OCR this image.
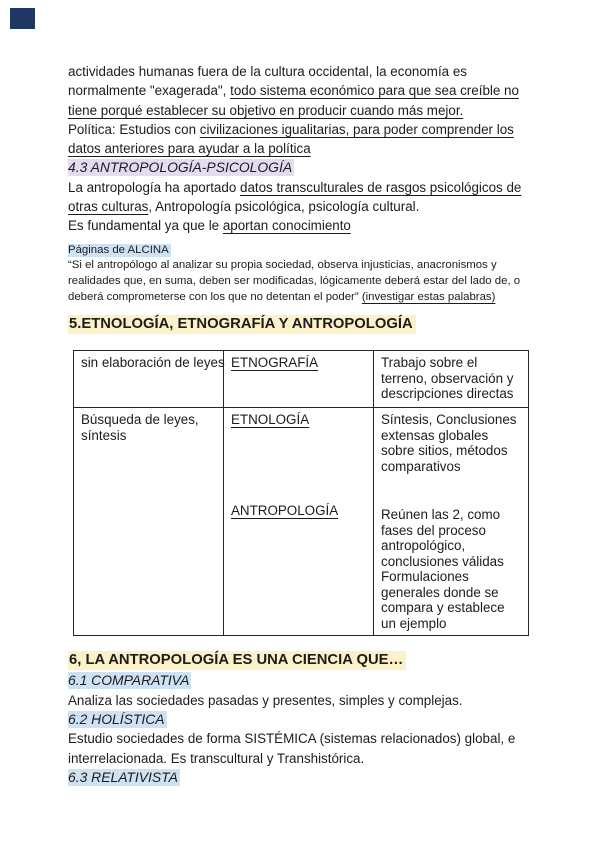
actividades humanas fuera de la cultura occidental, la economía es
normalmente "exagerada", todo sistema económico para que sea creíble no
tiene porqué establecer su objetivo en producir cuando más mejor.
Política: Estudios con civilizaciones igualitarias, para poder comprender los
datos anteriores para ayudar a la política
4.3 ANTROPOLOGÍA-PSICOLOGÍA
La antropología ha aportado datos transculturales de rasgos psicológicos de
otras culturas, Antropología psicológica, psicología cultural.
Es fundamental ya que le aportan conocimiento
Páginas de ALCINA
“Si el antropólogo al analizar su propia sociedad, observa injusticias, anacronismos y
realidades que, en suma, deben ser modificadas, lógicamente deberá estar del lado de, o
deberá comprometerse con los que no detentan el poder” (investigar estas palabras)
5.ETNOLOGÍA, ETNOGRAFÍA Y ANTROPOLOGÍA
sin elaboración de leyes ETNOGRAFÍA	Trabajo sobre el terreno, observación y descripciones directas
Búsqueda de leyes, síntesis
ETNOLOGÍA
ANTROPOLOGÍA
Síntesis, Conclusiones extensas globales sobre sitios, métodos comparativos
Reúnen las 2, como fases del proceso antropológico, conclusiones válidas Formulaciones generales donde se compara y establece un ejemplo
6, LA ANTROPOLOGÍA ES UNA CIENCIA QUE…
6.1 COMPARATIVA
Analiza las sociedades pasadas y presentes, simples y complejas.
6.2 HOLÍSTICA
Estudio sociedades de forma SISTÉMICA (sistemas relacionados) global, e
interrelacionada. Es transcultural y Transhistórica.
6.3 RELATIVISTA
